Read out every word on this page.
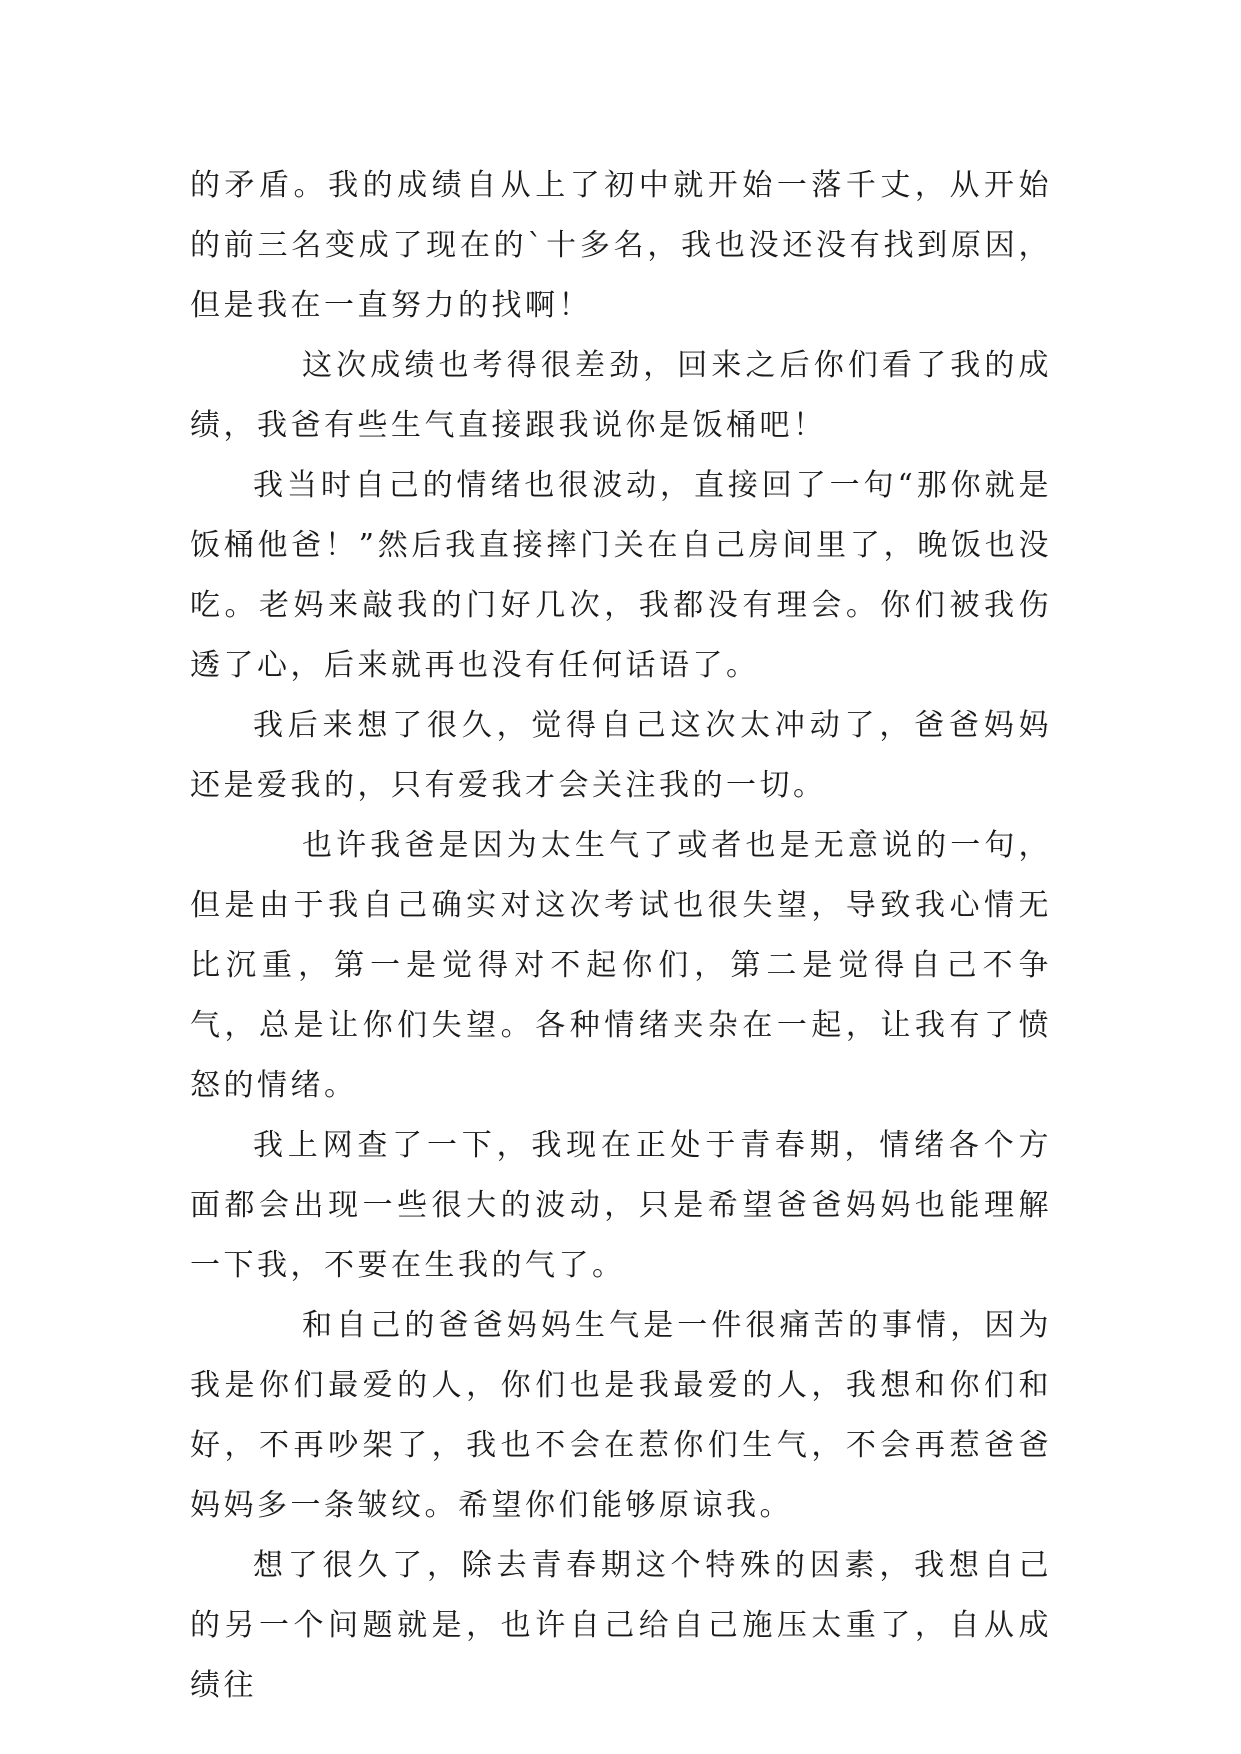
的矛盾。我的成绩自从上了初中就开始一落千丈，从开始的前三名变成了现在的`十多名，我也没还没有找到原因，但是我在一直努力的找啊！

这次成绩也考得很差劲，回来之后你们看了我的成绩，我爸有些生气直接跟我说你是饭桶吧！

我当时自己的情绪也很波动，直接回了一句“那你就是饭桶他爸！”然后我直接摔门关在自己房间里了，晚饭也没吃。老妈来敲我的门好几次，我都没有理会。你们被我伤透了心，后来就再也没有任何话语了。

我后来想了很久，觉得自己这次太冲动了，爸爸妈妈还是爱我的，只有爱我才会关注我的一切。

也许我爸是因为太生气了或者也是无意说的一句，但是由于我自己确实对这次考试也很失望，导致我心情无比沉重，第一是觉得对不起你们，第二是觉得自己不争气，总是让你们失望。各种情绪夹杂在一起，让我有了愤怒的情绪。

我上网查了一下，我现在正处于青春期，情绪各个方面都会出现一些很大的波动，只是希望爸爸妈妈也能理解一下我，不要在生我的气了。

和自己的爸爸妈妈生气是一件很痛苦的事情，因为我是你们最爱的人，你们也是我最爱的人，我想和你们和好，不再吵架了，我也不会在惹你们生气，不会再惹爸爸妈妈多一条皱纹。希望你们能够原谅我。

想了很久了，除去青春期这个特殊的因素，我想自己的另一个问题就是，也许自己给自己施压太重了，自从成绩往
